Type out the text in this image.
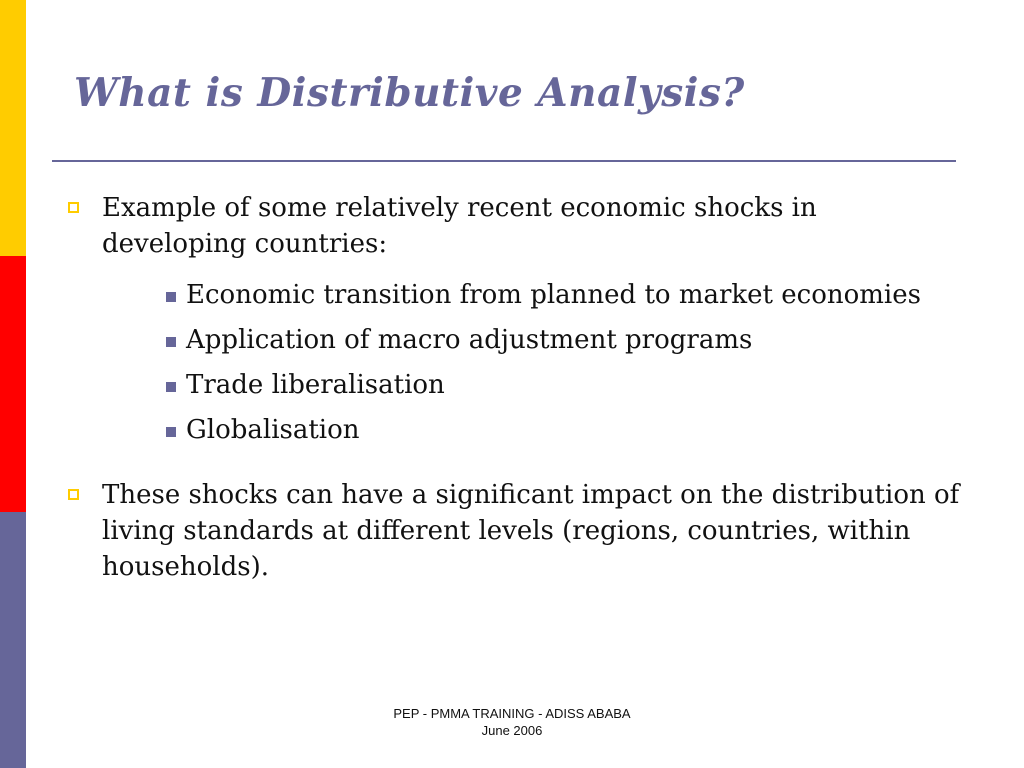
What is Distributive Analysis?
Example of some relatively recent economic shocks in developing countries:
Economic transition from planned to market economies
Application of macro adjustment programs
Trade liberalisation
Globalisation
These shocks can have a significant impact on the distribution of living standards at different levels (regions, countries, within households).
PEP - PMMA TRAINING - ADISS ABABA
June 2006
